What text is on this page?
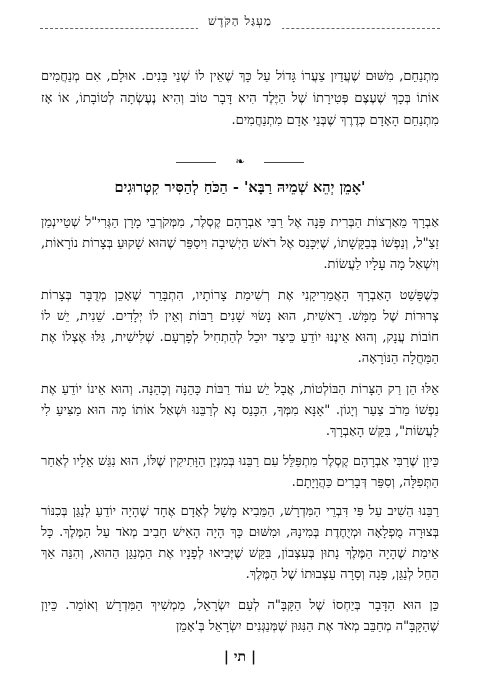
מַעְגַּל הַקֹּדֶשׁ

מִתְנַחֵם, מִשּׁוּם שֶׁעֲדַיִן צַעֲרוֹ גָּדוֹל עַל כָּךְ שֶׁאֵין לוֹ שְׁנֵי בָּנִים. אוּלָם, אִם מְנַחֲמִים אוֹתוֹ בְּכָךְ שֶׁעֶצֶם פְּטִירָתוֹ שֶׁל הַיֶּלֶד הִיא דָּבָר טוֹב וְהִיא נֶעֶשְׂתָה לְטוֹבָתוֹ, אוֹ אָז מִתְנַחֵם הָאָדָם כְּדֶרֶךְ שֶׁבְּנֵי אָדָם מִתְנַחֲמִים.

❧
'אָמֵן יְהֵא שְׁמֵיהּ רַבָּא' - הַכֹּחַ לְהַסִּיר קִטְרוּגִים

אַבְרָךְ מֵאַרְצוֹת הַבְּרִית פָּנָה אֶל רַבִּי אַבְרָהָם קֶסְלֶר, מִמְּקֹרְבֵי מָרָן הַגְּרִי"ל שְׁטֵיינְמַן זַצַ"ל, וְנַפְשׁוֹ בְּבַקָּשָׁתוֹ, שֶׁיִּכָּנֵס אֶל רֹאשׁ הַיְשִׁיבָה וִיסַפֵּר שֶׁהוּא שָׁקוּעַ בְּצָרוֹת נוֹרָאוֹת, וְיִשְׁאַל מָה עָלָיו לַעֲשׂוֹת.

כְּשֶׁפָּשַׁט הָאַבְרָךְ הָאֲמֵרִיקָנִי אֶת רְשִׁימַת צָרוֹתָיו, הִתְבָּרֵר שֶׁאָכֵן מְדֻבָּר בְּצָרוֹת צְרוּרוֹת שֶׁל מַמָּשׁ. רֵאשִׁית, הוּא נָשׂוּי שָׁנִים רַבּוֹת וְאֵין לוֹ יְלָדִים. שֵׁנִית, יֵשׁ לוֹ חוֹבוֹת עֲנָק, וְהוּא אֵינֶנּוּ יוֹדֵעַ כֵּיצַד יוּכַל לְהַתְחִיל לְפָרְעָם. שְׁלִישִׁית, גִּלּוּ אֶצְלוֹ אֶת הַמַּחֲלָה הַנּוֹרָאָה.

אֵלּוּ הֵן רַק הַצָּרוֹת הַבּוֹלְטוֹת, אֲבָל יֵשׁ עוֹד רַבּוֹת כָּהֵנָּה וְכָהֵנָּה. וְהוּא אֵינוֹ יוֹדֵעַ אֶת נַפְשׁוֹ מֵרֹב צַעַר וְיָגוֹן. "אָנָּא מִמְּךָ, הִכָּנֵס נָא לְרַבֵּנוּ וּשְׁאַל אוֹתוֹ מָה הוּא מַצִּיעַ לִי לַעֲשׂוֹת", בִּקֵּשׁ הָאַבְרָךְ.

כֵּיוָן שֶׁרַבִּי אַבְרָהָם קֶסְלֶר מִתְפַּלֵּל עִם רַבֵּנוּ בְּמִנְיַן הַוָּתִיקִין שֶׁלּוֹ, הוּא נִגַּשׁ אֵלָיו לְאַחַר הַתְּפִלָּה, וְסִפֵּר דְּבָרִים כַּהֲוָיָתָם.

רַבֵּנוּ הֵשִׁיב עַל פִּי דִּבְרֵי הַמִּדְרָשׁ, הַמֵּבִיא מָשָׁל לְאָדָם אֶחָד שֶׁהָיָה יוֹדֵעַ לְנַגֵּן בְּכִנּוֹר בְּצוּרָה מֻפְלָאָה וּמְיֻחֶדֶת בְּמִינָהּ, וּמִשּׁוּם כָּךְ הָיָה הָאִישׁ חָבִיב מְאֹד עַל הַמֶּלֶךְ. כָּל אֵימַת שֶׁהָיָה הַמֶּלֶךְ נָתוּן בְּעִצְבוֹן, בִּקֵּשׁ שֶׁיְּבִיאוּ לְפָנָיו אֶת הַמְנַגֵּן הַהוּא, וְהִנֵּה אַךְ הֵחֵל לְנַגֵּן, פָּגָה וְסָרָה עַצְבוּתוֹ שֶׁל הַמֶּלֶךְ.

כֵּן הוּא הַדָּבָר בְּיַחְסוֹ שֶׁל הַקָּבָּ"ה לְעַם יִשְׂרָאֵל, מַמְשִׁיךְ הַמִּדְרָשׁ וְאוֹמֵר. כֵּיוָן שֶׁהַקָּבָּ"ה מְחַבֵּב מְאֹד אֶת הַנִּגּוּן שֶׁמְּנַגְּנִים יִשְׂרָאֵל בְּ'אָמֵן

| תי |
